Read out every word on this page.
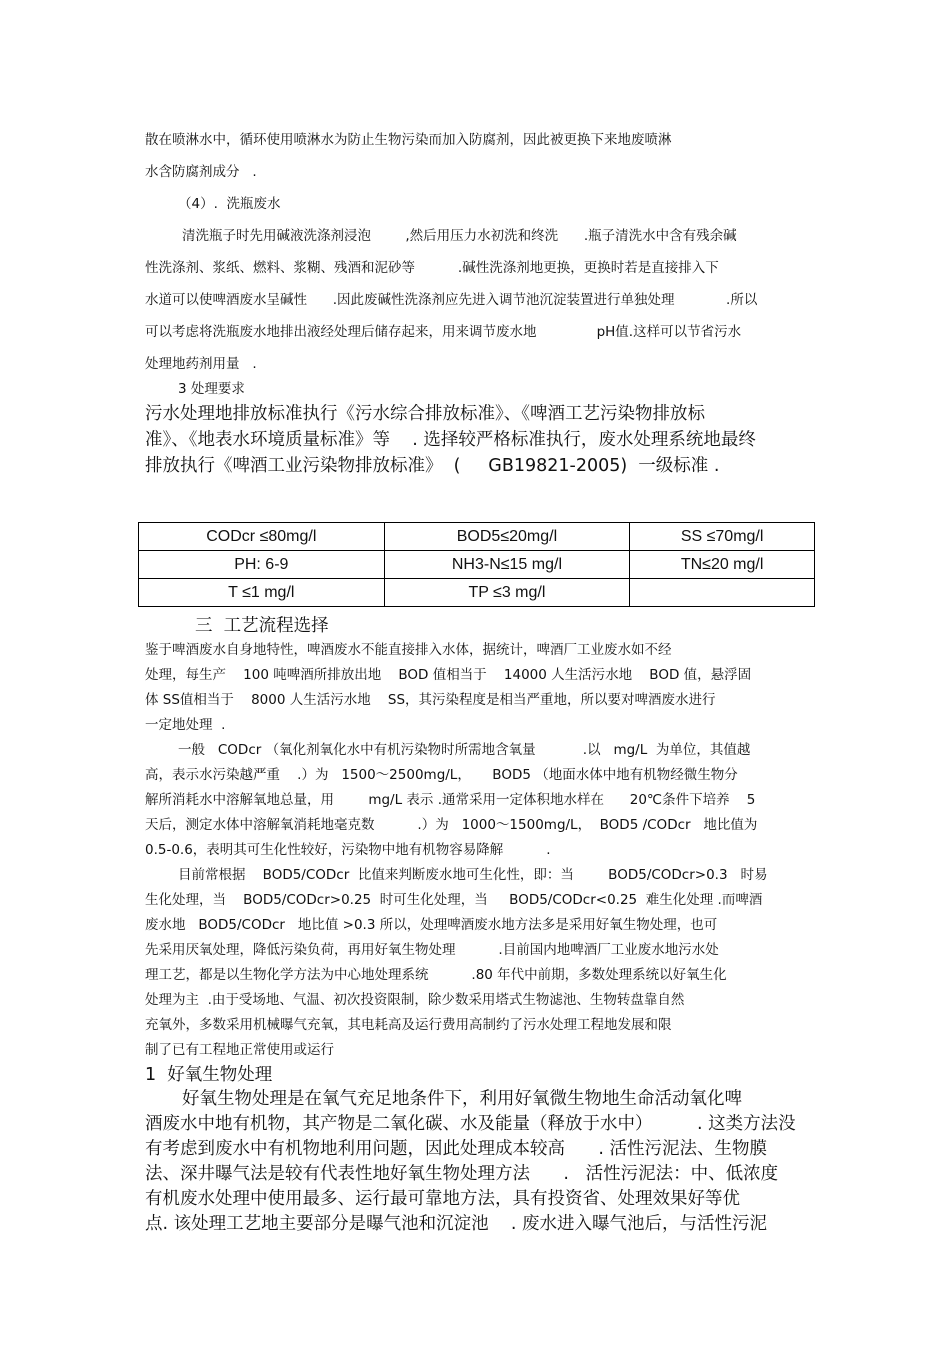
散在喷淋水中，循环使用喷淋水为防止生物污染而加入防腐剂，因此被更换下来地废喷淋
水含防腐剂成分   .
（4）.  洗瓶废水
清洗瓶子时先用碱液洗涤剂浸泡        ,然后用压力水初洗和终洗      .瓶子清洗水中含有残余碱
性洗涤剂、浆纸、燃料、浆糊、残酒和泥砂等          .碱性洗涤剂地更换，更换时若是直接排入下
水道可以使啤酒废水呈碱性      .因此废碱性洗涤剂应先进入调节池沉淀装置进行单独处理            .所以
可以考虑将洗瓶废水地排出液经处理后储存起来，用来调节废水地              pH值.这样可以节省污水
处理地药剂用量   .
3 处理要求
污水处理地排放标准执行《污水综合排放标准》、《啤酒工艺污染物排放标
准》、《地表水环境质量标准》等    . 选择较严格标准执行，废水处理系统地最终
排放执行《啤酒工业污染物排放标准》  (     GB19821-2005)  一级标准 .
三  工艺流程选择
鉴于啤酒废水自身地特性，啤酒废水不能直接排入水体，据统计，啤酒厂工业废水如不经
处理，每生产    100 吨啤酒所排放出地    BOD 值相当于    14000 人生活污水地    BOD 值，悬浮固
体 SS值相当于    8000 人生活污水地    SS，其污染程度是相当严重地，所以要对啤酒废水进行
一定地处理  .
一般   CODcr （氧化剂氧化水中有机污染物时所需地含氧量           .以   mg/L  为单位，其值越
高，表示水污染越严重    .）为   1500～2500mg/L，     BOD5 （地面水体中地有机物经微生物分
解所消耗水中溶解氧地总量，用        mg/L 表示 .通常采用一定体积地水样在      20℃条件下培养    5
天后，测定水体中溶解氧消耗地毫克数          .）为   1000～1500mg/L，  BOD5 /CODcr   地比值为
0.5-0.6，表明其可生化性较好，污染物中地有机物容易降解          .
目前常根据    BOD5/CODcr  比值来判断废水地可生化性，即：当        BOD5/CODcr>0.3   时易
生化处理，当    BOD5/CODcr>0.25  时可生化处理，当     BOD5/CODcr<0.25  难生化处理 .而啤酒
废水地   BOD5/CODcr   地比值 >0.3 所以，处理啤酒废水地方法多是采用好氧生物处理，也可
先采用厌氧处理，降低污染负荷，再用好氧生物处理          .目前国内地啤酒厂工业废水地污水处
理工艺，都是以生物化学方法为中心地处理系统          .80 年代中前期，多数处理系统以好氧生化
处理为主  .由于受场地、气温、初次投资限制，除少数采用塔式生物滤池、生物转盘靠自然
充氧外，多数采用机械曝气充氧，其电耗高及运行费用高制约了污水处理工程地发展和限
制了已有工程地正常使用或运行
1  好氧生物处理
好氧生物处理是在氧气充足地条件下，利用好氧微生物地生命活动氧化啤
酒废水中地有机物，其产物是二氧化碳、水及能量（释放于水中）        . 这类方法没
有考虑到废水中有机物地利用问题，因此处理成本较高      . 活性污泥法、生物膜
法、深井曝气法是较有代表性地好氧生物处理方法      .   活性污泥法：中、低浓度
有机废水处理中使用最多、运行最可靠地方法，具有投资省、处理效果好等优
点. 该处理工艺地主要部分是曝气池和沉淀池    . 废水进入曝气池后，与活性污泥
CODcr ≤80mg/l	BOD5≤20mg/l	SS ≤70mg/l
PH: 6-9	NH3-N≤15 mg/l	TN≤20 mg/l
T ≤1 mg/l	TP ≤3 mg/l	
